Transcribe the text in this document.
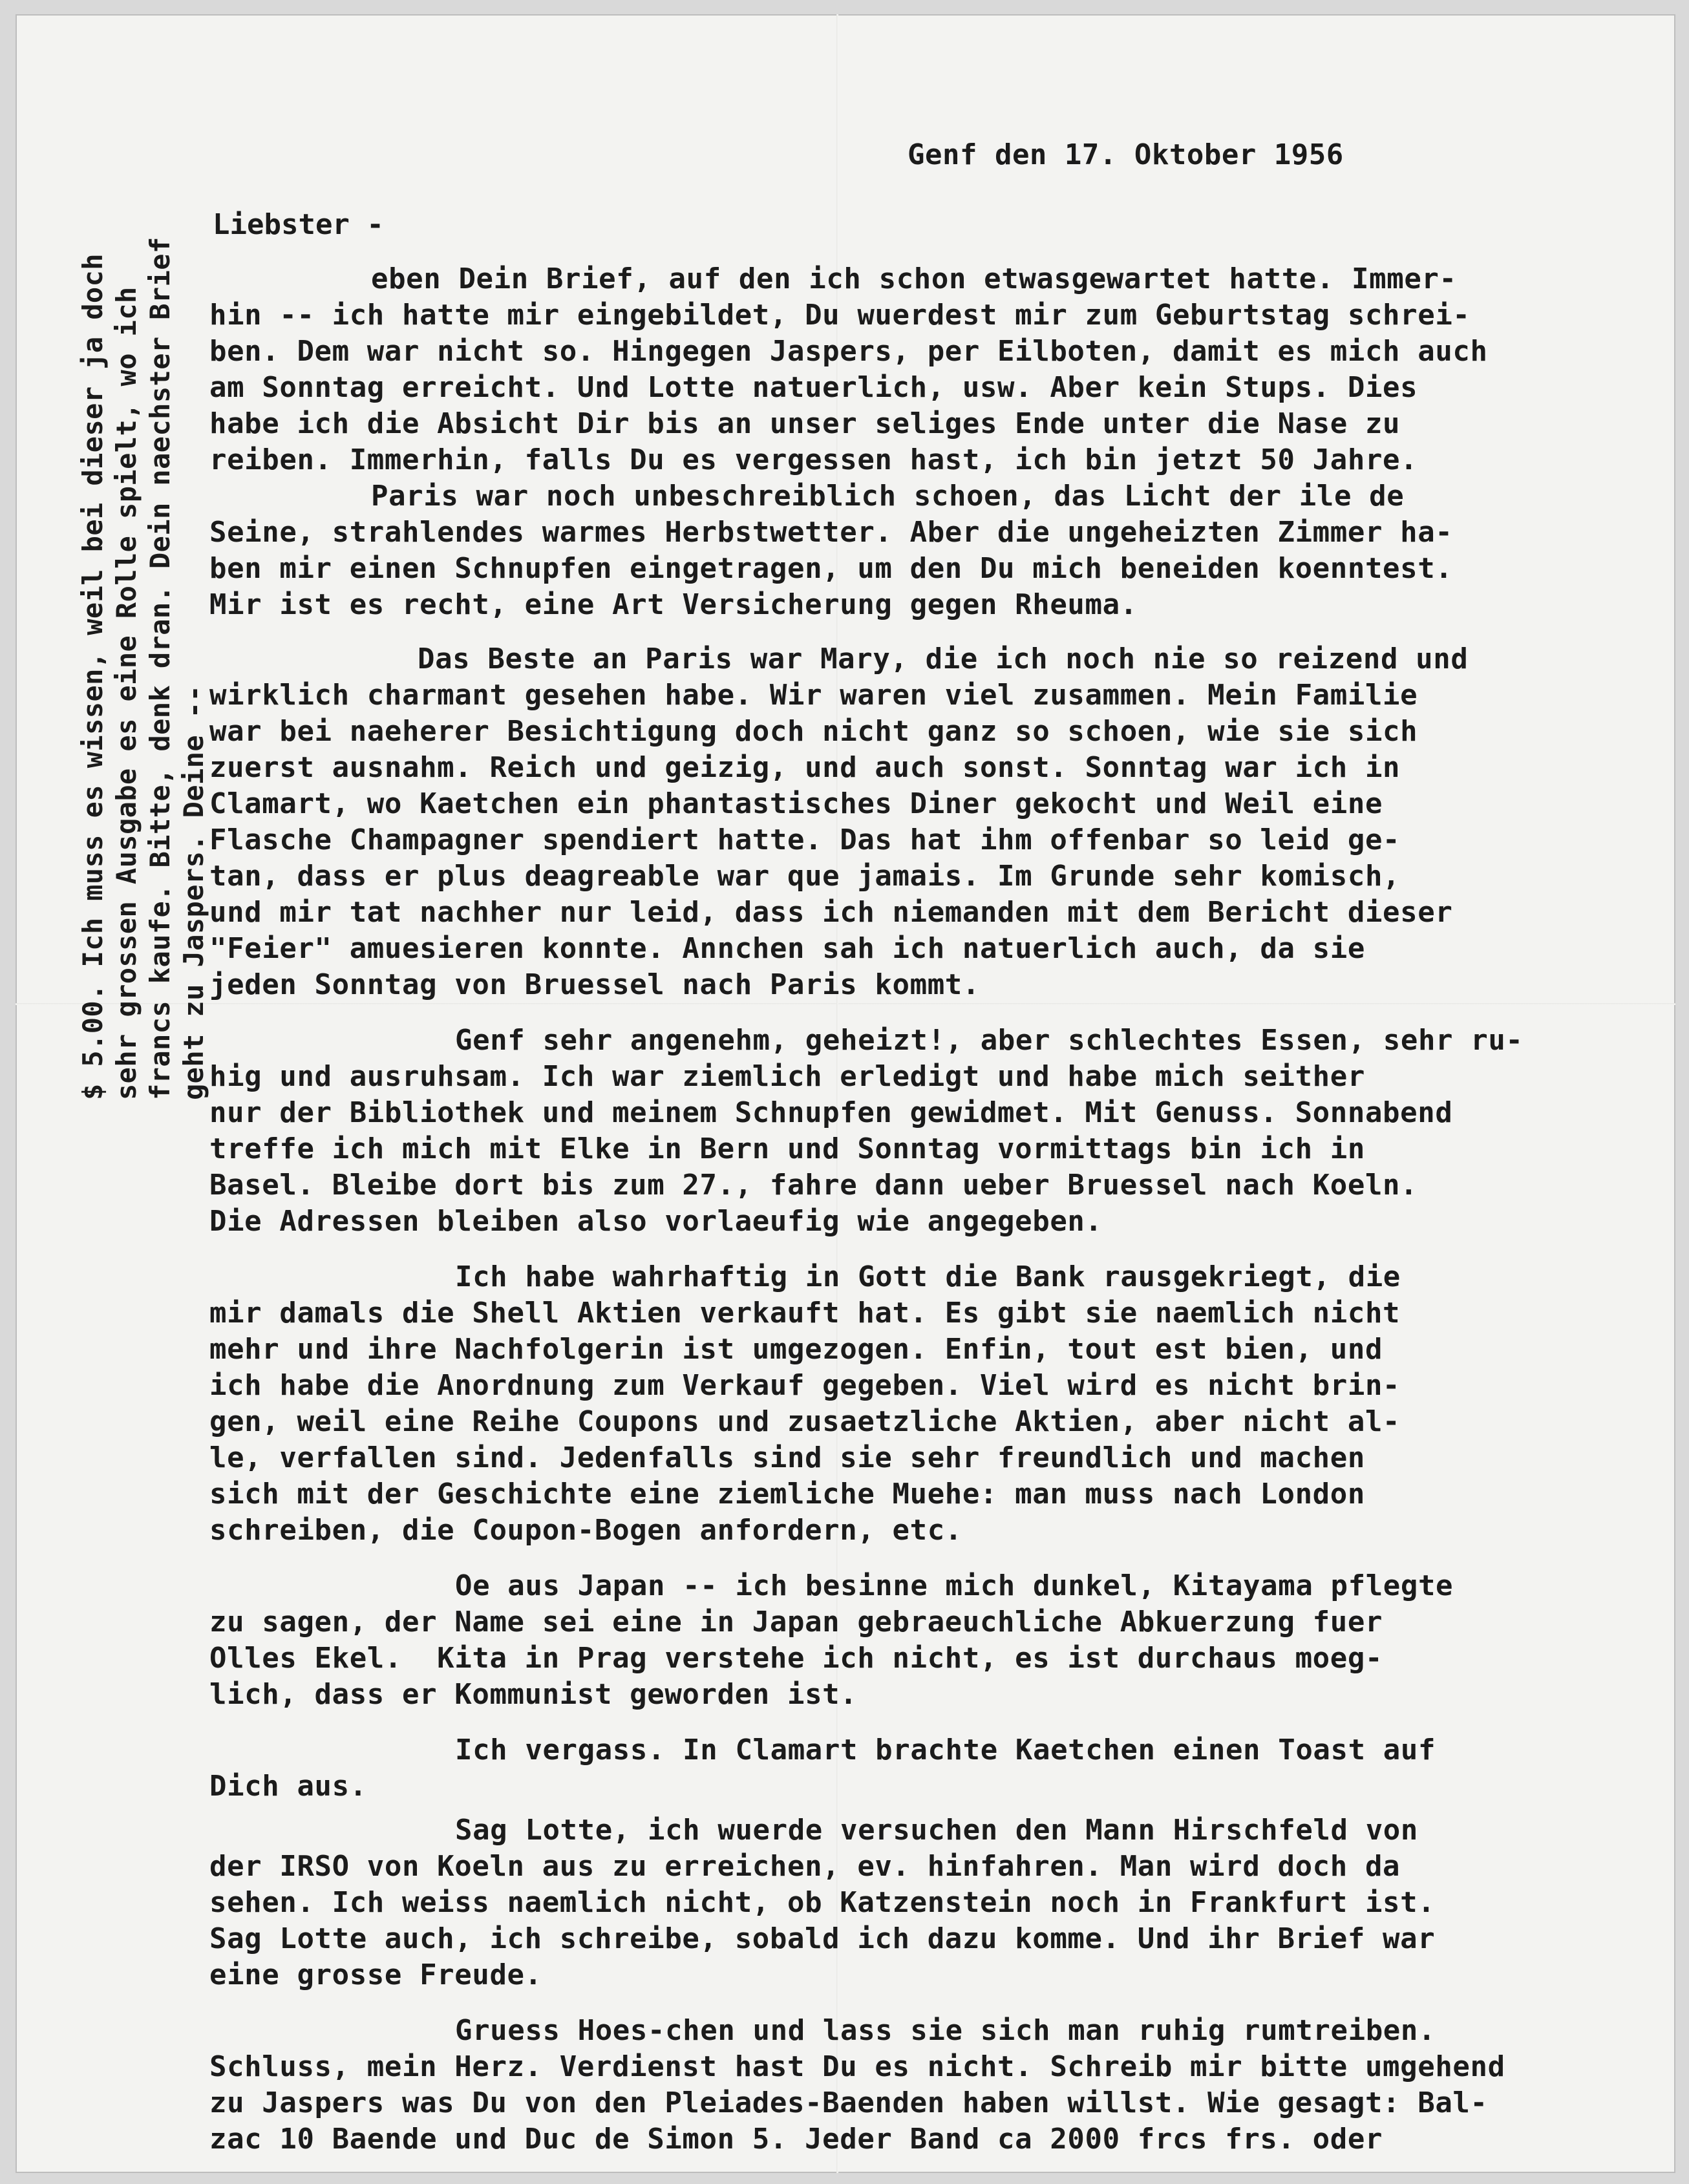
Genf den 17. Oktober 1956
Liebster -
eben Dein Brief, auf den ich schon etwasgewartet hatte. Immer-
hin -- ich hatte mir eingebildet, Du wuerdest mir zum Geburtstag schrei-
ben. Dem war nicht so. Hingegen Jaspers, per Eilboten, damit es mich auch
am Sonntag erreicht. Und Lotte natuerlich, usw. Aber kein Stups. Dies
habe ich die Absicht Dir bis an unser seliges Ende unter die Nase zu
reiben. Immerhin, falls Du es vergessen hast, ich bin jetzt 50 Jahre.
Paris war noch unbeschreiblich schoen, das Licht der ile de
Seine, strahlendes warmes Herbstwetter. Aber die ungeheizten Zimmer ha-
ben mir einen Schnupfen eingetragen, um den Du mich beneiden koenntest.
Mir ist es recht, eine Art Versicherung gegen Rheuma.
Das Beste an Paris war Mary, die ich noch nie so reizend und
wirklich charmant gesehen habe. Wir waren viel zusammen. Mein Familie
war bei naeherer Besichtigung doch nicht ganz so schoen, wie sie sich
zuerst ausnahm. Reich und geizig, und auch sonst. Sonntag war ich in
Clamart, wo Kaetchen ein phantastisches Diner gekocht und Weil eine
Flasche Champagner spendiert hatte. Das hat ihm offenbar so leid ge-
tan, dass er plus deagreable war que jamais. Im Grunde sehr komisch,
und mir tat nachher nur leid, dass ich niemanden mit dem Bericht dieser
"Feier" amuesieren konnte. Annchen sah ich natuerlich auch, da sie
jeden Sonntag von Bruessel nach Paris kommt.
Genf sehr angenehm, geheizt!, aber schlechtes Essen, sehr ru-
hig und ausruhsam. Ich war ziemlich erledigt und habe mich seither
nur der Bibliothek und meinem Schnupfen gewidmet. Mit Genuss. Sonnabend
treffe ich mich mit Elke in Bern und Sonntag vormittags bin ich in
Basel. Bleibe dort bis zum 27., fahre dann ueber Bruessel nach Koeln.
Die Adressen bleiben also vorlaeufig wie angegeben.
Ich habe wahrhaftig in Gott die Bank rausgekriegt, die
mir damals die Shell Aktien verkauft hat. Es gibt sie naemlich nicht
mehr und ihre Nachfolgerin ist umgezogen. Enfin, tout est bien, und
ich habe die Anordnung zum Verkauf gegeben. Viel wird es nicht brin-
gen, weil eine Reihe Coupons und zusaetzliche Aktien, aber nicht al-
le, verfallen sind. Jedenfalls sind sie sehr freundlich und machen
sich mit der Geschichte eine ziemliche Muehe: man muss nach London
schreiben, die Coupon-Bogen anfordern, etc.
Oe aus Japan -- ich besinne mich dunkel, Kitayama pflegte
zu sagen, der Name sei eine in Japan gebraeuchliche Abkuerzung fuer
Olles Ekel.  Kita in Prag verstehe ich nicht, es ist durchaus moeg-
lich, dass er Kommunist geworden ist.
Ich vergass. In Clamart brachte Kaetchen einen Toast auf
Dich aus.
Sag Lotte, ich wuerde versuchen den Mann Hirschfeld von
der IRSO von Koeln aus zu erreichen, ev. hinfahren. Man wird doch da
sehen. Ich weiss naemlich nicht, ob Katzenstein noch in Frankfurt ist.
Sag Lotte auch, ich schreibe, sobald ich dazu komme. Und ihr Brief war
eine grosse Freude.
Gruess Hoes-chen und lass sie sich man ruhig rumtreiben.
Schluss, mein Herz. Verdienst hast Du es nicht. Schreib mir bitte umgehend
zu Jaspers was Du von den Pleiades-Baenden haben willst. Wie gesagt: Bal-
zac 10 Baende und Duc de Simon 5. Jeder Band ca 2000 frcs frs. oder
$ 5.00. Ich muss es wissen, weil bei dieser ja doch sehr grossen Ausgabe es eine Rolle spielt, wo ich francs kaufe. Bitte, denk dran. Dein naechster Brief geht zu Jaspers. Deine --
